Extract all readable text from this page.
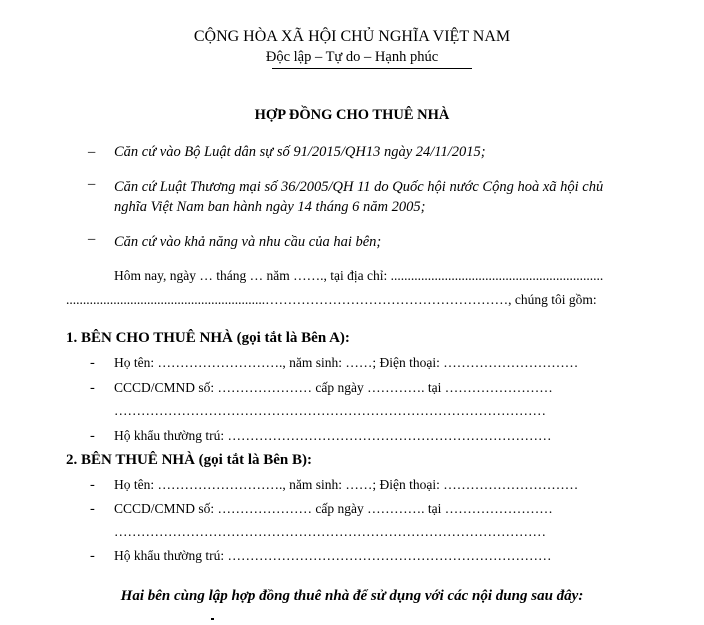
CỘNG HÒA XÃ HỘI CHỦ NGHĨA VIỆT NAM
Độc lập – Tự do – Hạnh phúc
HỢP ĐỒNG CHO THUÊ NHÀ
– Căn cứ vào Bộ Luật dân sự số 91/2015/QH13 ngày 24/11/2015;
– Căn cứ Luật Thương mại số 36/2005/QH 11 do Quốc hội nước Cộng hoà xã hội chủ
nghĩa Việt Nam ban hành ngày 14 tháng 6 năm 2005;
– Căn cứ vào khả năng và nhu cầu của hai bên;
Hôm nay, ngày … tháng … năm ……., tại địa chỉ: ...............................................................
...........................................................………………………………………………, chúng tôi gồm:
1. BÊN CHO THUÊ NHÀ (gọi tắt là Bên A):
- Họ tên: ………………………., năm sinh: ……; Điện thoại: …………………………
- CCCD/CMND số: ………………… cấp ngày …………. tại ……………………
……………………………………………………………………………………
- Hộ khẩu thường trú: ………………………………………………………………
2. BÊN THUÊ NHÀ (gọi tắt là Bên B):
- Họ tên: ………………………., năm sinh: ……; Điện thoại: …………………………
- CCCD/CMND số: ………………… cấp ngày …………. tại ……………………
……………………………………………………………………………………
- Hộ khẩu thường trú: ………………………………………………………………
Hai bên cùng lập hợp đồng thuê nhà để sử dụng với các nội dung sau đây:
